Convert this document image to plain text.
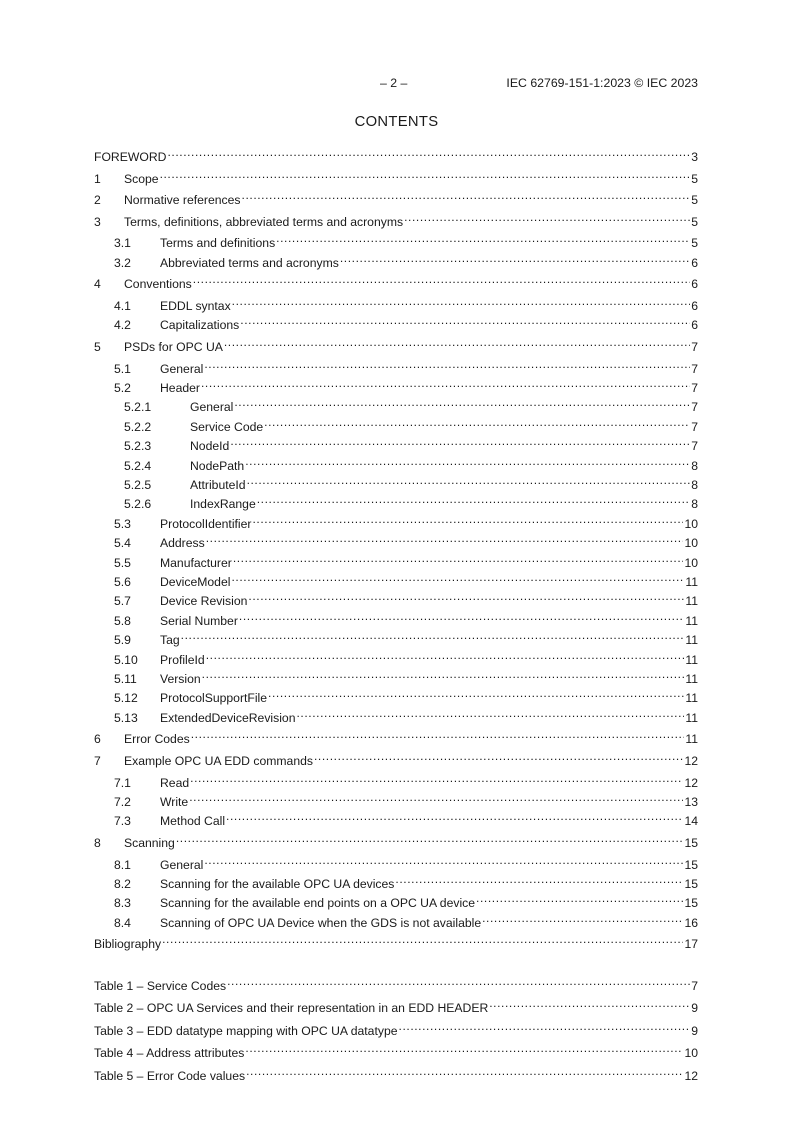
– 2 –	IEC 62769-151-1:2023 © IEC 2023
CONTENTS
FOREWORD .....	3
1	Scope .....	5
2	Normative references .....	5
3	Terms, definitions, abbreviated terms and acronyms .....	5
3.1	Terms and definitions .....	5
3.2	Abbreviated terms and acronyms .....	6
4	Conventions .....	6
4.1	EDDL syntax .....	6
4.2	Capitalizations .....	6
5	PSDs for OPC UA .....	7
5.1	General .....	7
5.2	Header .....	7
5.2.1	General .....	7
5.2.2	Service Code .....	7
5.2.3	NodeId .....	7
5.2.4	NodePath .....	8
5.2.5	AttributeId .....	8
5.2.6	IndexRange .....	8
5.3	ProtocolIdentifier .....	10
5.4	Address .....	10
5.5	Manufacturer .....	10
5.6	DeviceModel .....	11
5.7	Device Revision .....	11
5.8	Serial Number .....	11
5.9	Tag .....	11
5.10	ProfileId .....	11
5.11	Version .....	11
5.12	ProtocolSupportFile .....	11
5.13	ExtendedDeviceRevision .....	11
6	Error Codes .....	11
7	Example OPC UA EDD commands .....	12
7.1	Read .....	12
7.2	Write .....	13
7.3	Method Call .....	14
8	Scanning .....	15
8.1	General .....	15
8.2	Scanning for the available OPC UA devices .....	15
8.3	Scanning for the available end points on a OPC UA device .....	15
8.4	Scanning of OPC UA Device when the GDS is not available .....	16
Bibliography .....	17
Table 1 – Service Codes .....	7
Table 2 – OPC UA Services and their representation in an EDD HEADER .....	9
Table 3 – EDD datatype mapping with OPC UA datatype .....	9
Table 4 – Address attributes .....	10
Table 5 – Error Code values .....	12
